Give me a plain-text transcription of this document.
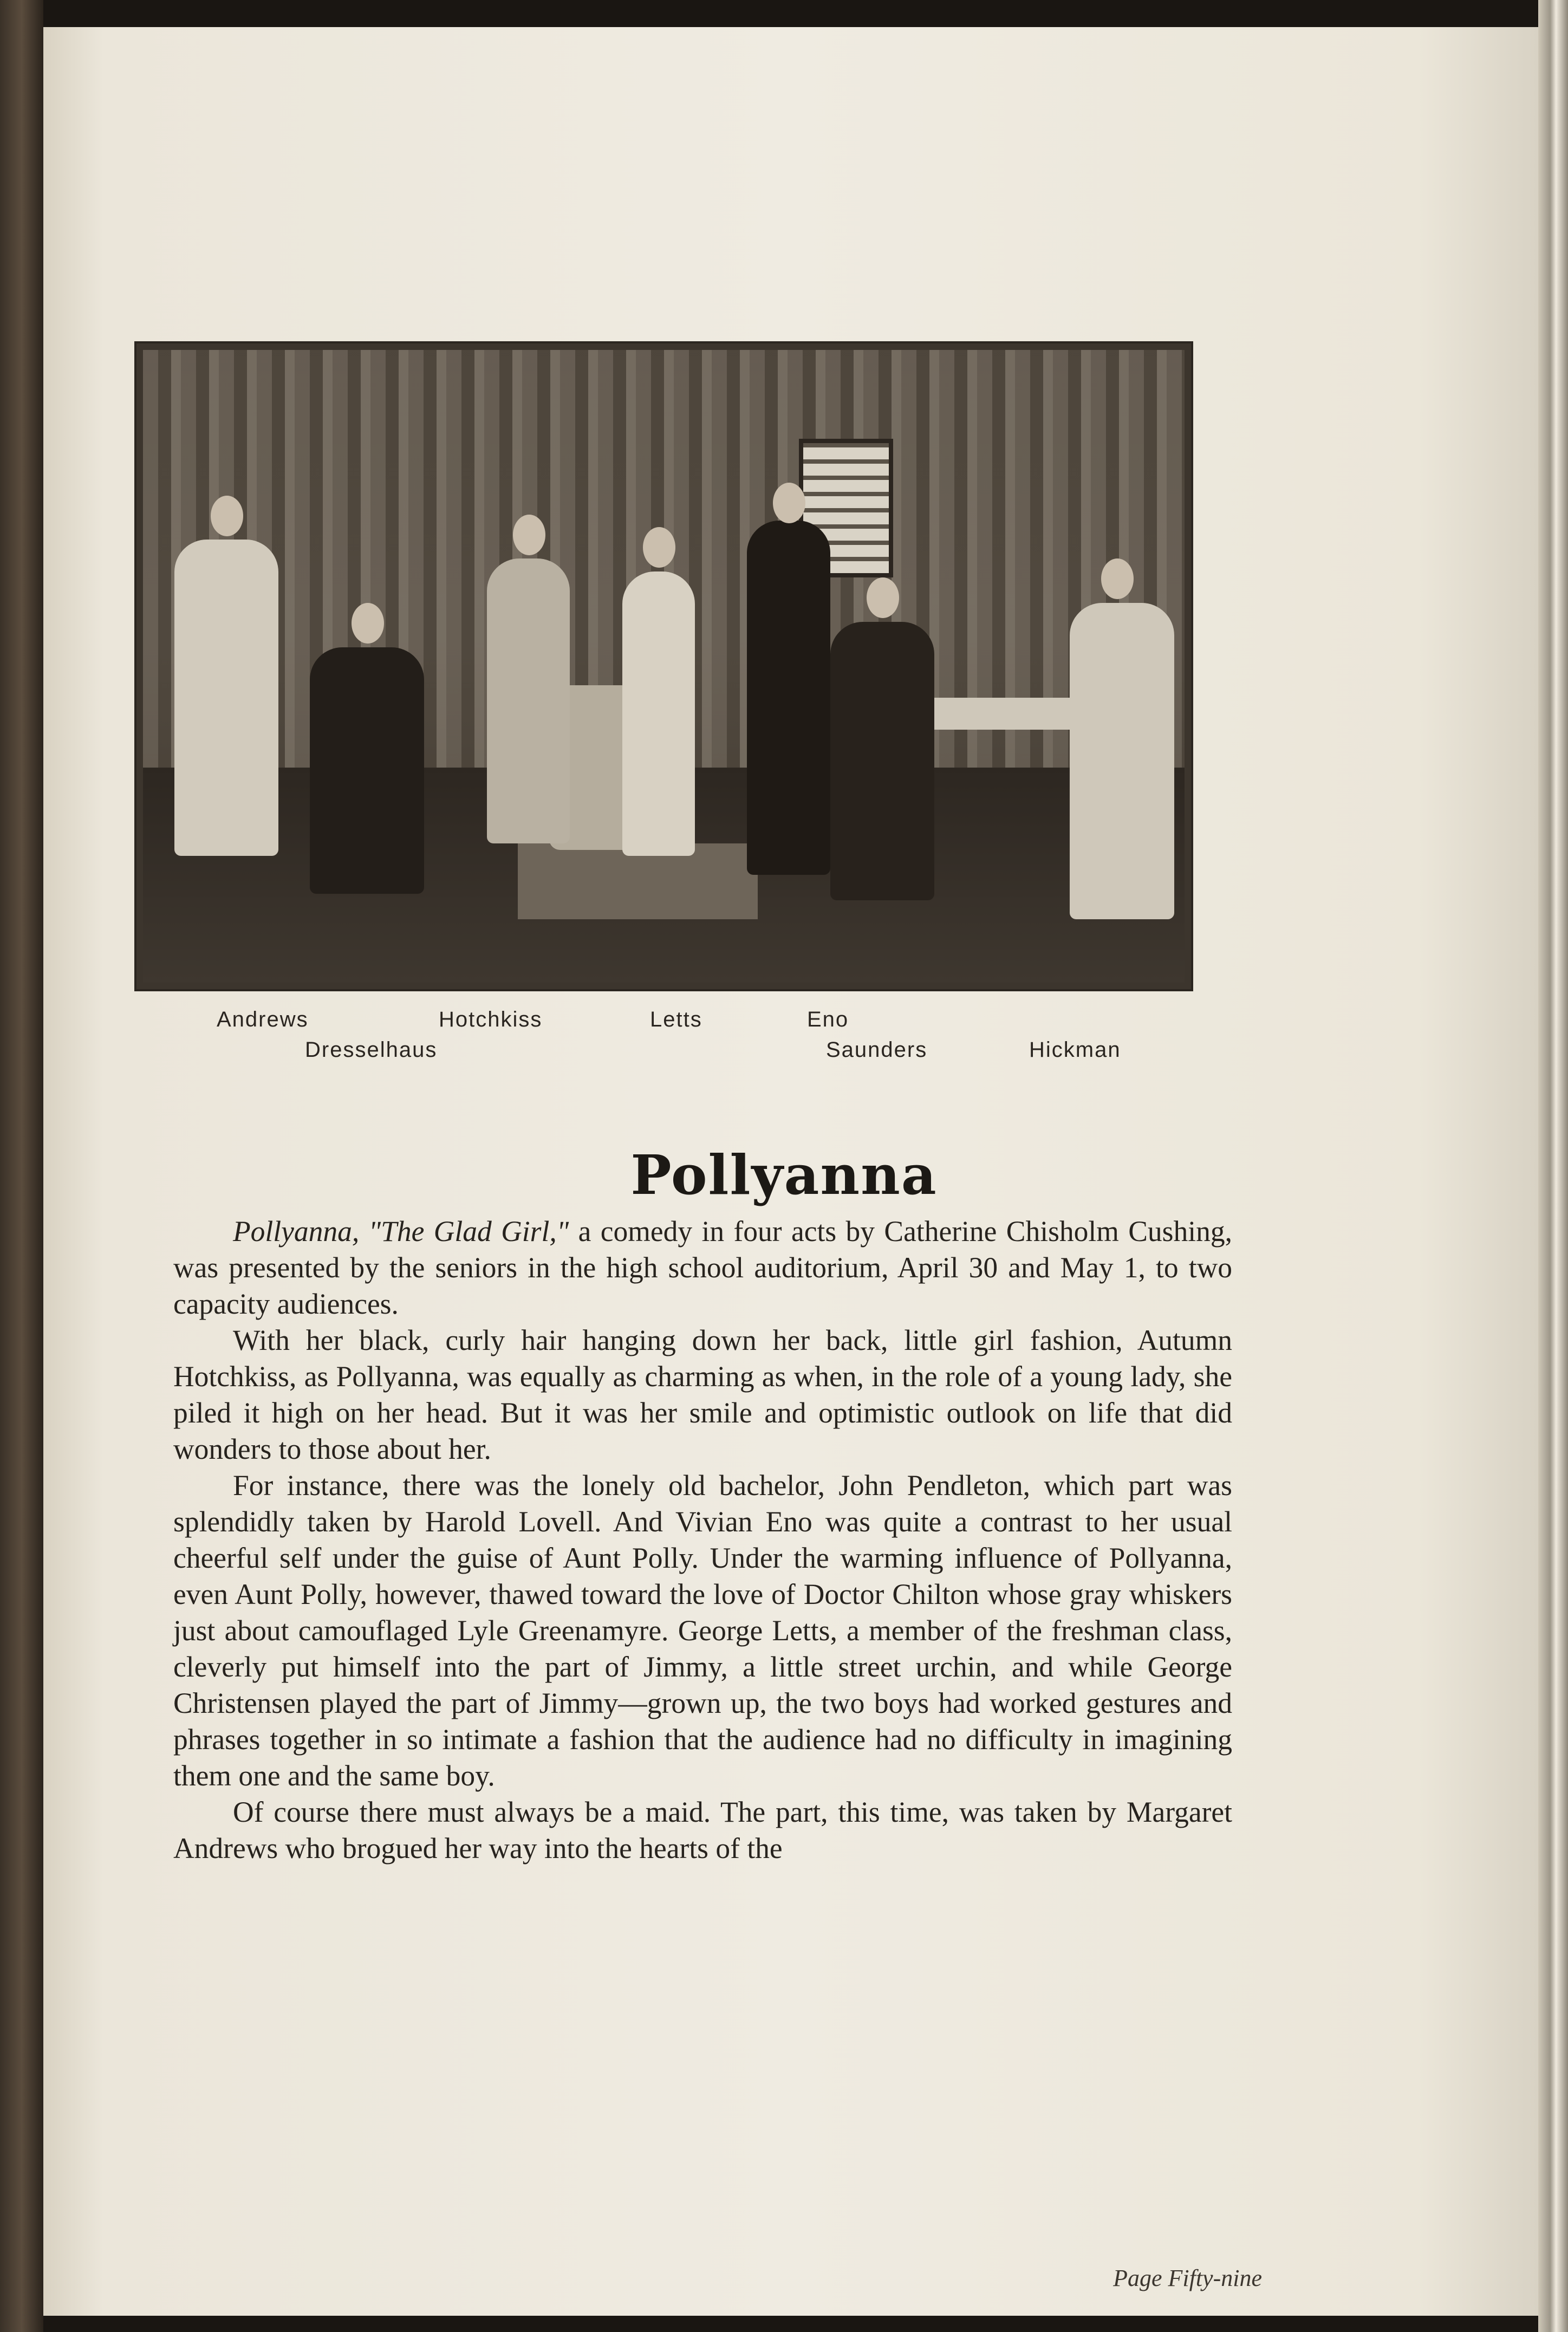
Andrews	Hotchkiss	Letts	Eno
Dresselhaus	Saunders	Hickman
Pollyanna

Pollyanna, "The Glad Girl," a comedy in four acts by Catherine Chisholm Cushing, was presented by the seniors in the high school auditorium, April 30 and May 1, to two capacity audiences.

With her black, curly hair hanging down her back, little girl fashion, Autumn Hotchkiss, as Pollyanna, was equally as charming as when, in the role of a young lady, she piled it high on her head. But it was her smile and optimistic outlook on life that did wonders to those about her.

For instance, there was the lonely old bachelor, John Pendleton, which part was splendidly taken by Harold Lovell. And Vivian Eno was quite a contrast to her usual cheerful self under the guise of Aunt Polly. Under the warming influence of Pollyanna, even Aunt Polly, however, thawed toward the love of Doctor Chilton whose gray whiskers just about camouflaged Lyle Greenamyre. George Letts, a member of the freshman class, cleverly put himself into the part of Jimmy, a little street urchin, and while George Christensen played the part of Jimmy—grown up, the two boys had worked gestures and phrases together in so intimate a fashion that the audience had no difficulty in imagining them one and the same boy.

Of course there must always be a maid. The part, this time, was taken by Margaret Andrews who brogued her way into the hearts of the

Page Fifty-nine
